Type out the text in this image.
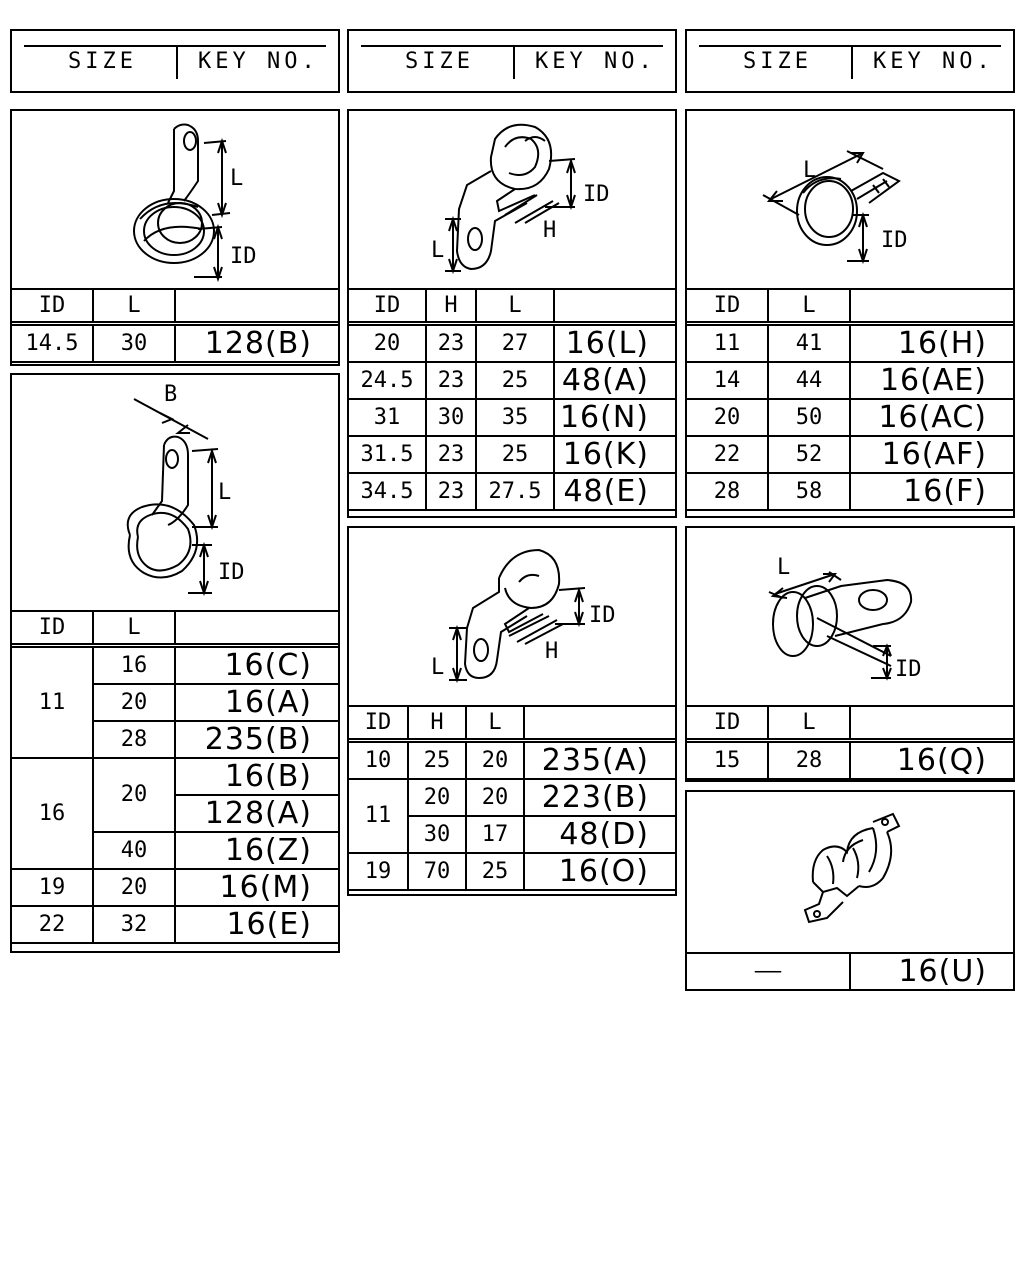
SIZE	KEY NO.	SIZE	KEY NO.	SIZE	KEY NO.
L
ID
ID	L	
14.5	30	128(B)
B
L
ID
ID	L	
11	16	16(C)
	20	16(A)
	28	235(B)
16	20	16(B)
		128(A)
	40	16(Z)
19	20	16(M)
22	32	16(E)
ID
H
L
ID	H	L	
20	23	27	16(L)
24.5	23	25	48(A)
31	30	35	16(N)
31.5	23	25	16(K)
34.5	23	27.5	48(E)
ID
H
L
ID	H	L	
10	25	20	235(A)
11	20	20	223(B)
	30	17	48(D)
19	70	25	16(O)
L
ID
ID	L	
11	41	16(H)
14	44	16(AE)
20	50	16(AC)
22	52	16(AF)
28	58	16(F)
L
ID
ID	L	
15	28	16(Q)
——	16(U)
